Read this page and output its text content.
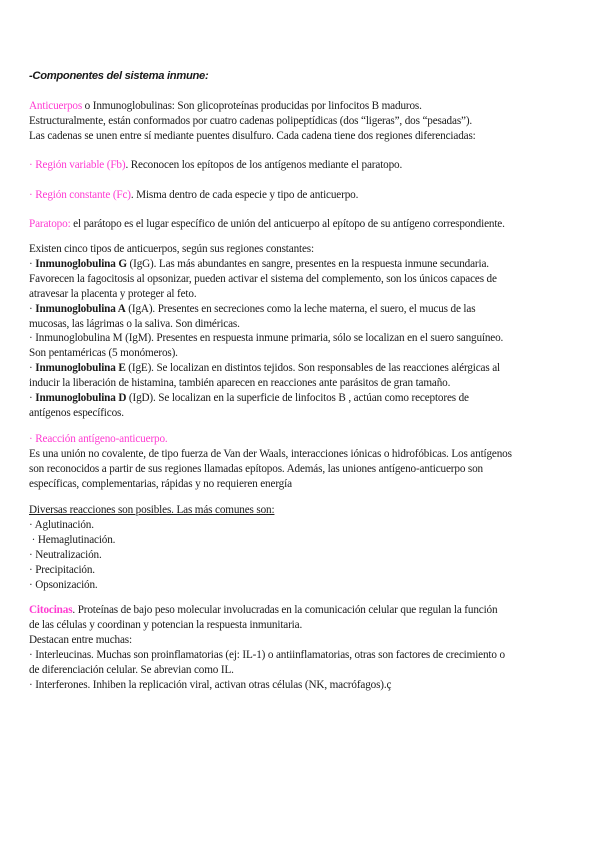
-Componentes del sistema inmune:

Anticuerpos o Inmunoglobulinas: Son glicoproteínas producidas por linfocitos B maduros.

Estructuralmente, están conformados por cuatro cadenas polipeptídicas (dos “ligeras”, dos “pesadas”).

Las cadenas se unen entre sí mediante puentes disulfuro. Cada cadena tiene dos regiones diferenciadas:

· Región variable (Fb). Reconocen los epítopos de los antígenos mediante el paratopo.

· Región constante (Fc). Misma dentro de cada especie y tipo de anticuerpo.

Paratopo: el parátopo es el lugar específico de unión del anticuerpo al epítopo de su antígeno correspondiente.

Existen cinco tipos de anticuerpos, según sus regiones constantes:

· Inmunoglobulina G (IgG). Las más abundantes en sangre, presentes en la respuesta inmune secundaria.

Favorecen la fagocitosis al opsonizar, pueden activar el sistema del complemento, son los únicos capaces de

atravesar la placenta y proteger al feto.

· Inmunoglobulina A (IgA). Presentes en secreciones como la leche materna, el suero, el mucus de las

mucosas, las lágrimas o la saliva. Son diméricas.

· Inmunoglobulina M (IgM). Presentes en respuesta inmune primaria, sólo se localizan en el suero sanguíneo.

Son pentaméricas (5 monómeros).

· Inmunoglobulina E (IgE). Se localizan en distintos tejidos. Son responsables de las reacciones alérgicas al

inducir la liberación de histamina, también aparecen en reacciones ante parásitos de gran tamaño.

· Inmunoglobulina D (IgD). Se localizan en la superficie de linfocitos B , actúan como receptores de

antígenos específicos.

· Reacción antígeno-anticuerpo.

Es una unión no covalente, de tipo fuerza de Van der Waals, interacciones iónicas o hidrofóbicas. Los antígenos

son reconocidos a partir de sus regiones llamadas epítopos. Además, las uniones antígeno-anticuerpo son

específicas, complementarias, rápidas y no requieren energía

Diversas reacciones son posibles. Las más comunes son:

· Aglutinación.

· Hemaglutinación.

· Neutralización.

· Precipitación.

· Opsonización.

Citocinas. Proteínas de bajo peso molecular involucradas en la comunicación celular que regulan la función

de las células y coordinan y potencian la respuesta inmunitaria.

Destacan entre muchas:

· Interleucinas. Muchas son proinflamatorias (ej: IL-1) o antiinflamatorias, otras son factores de crecimiento o

de diferenciación celular. Se abrevian como IL.

· Interferones. Inhiben la replicación viral, activan otras células (NK, macrófagos).ç
